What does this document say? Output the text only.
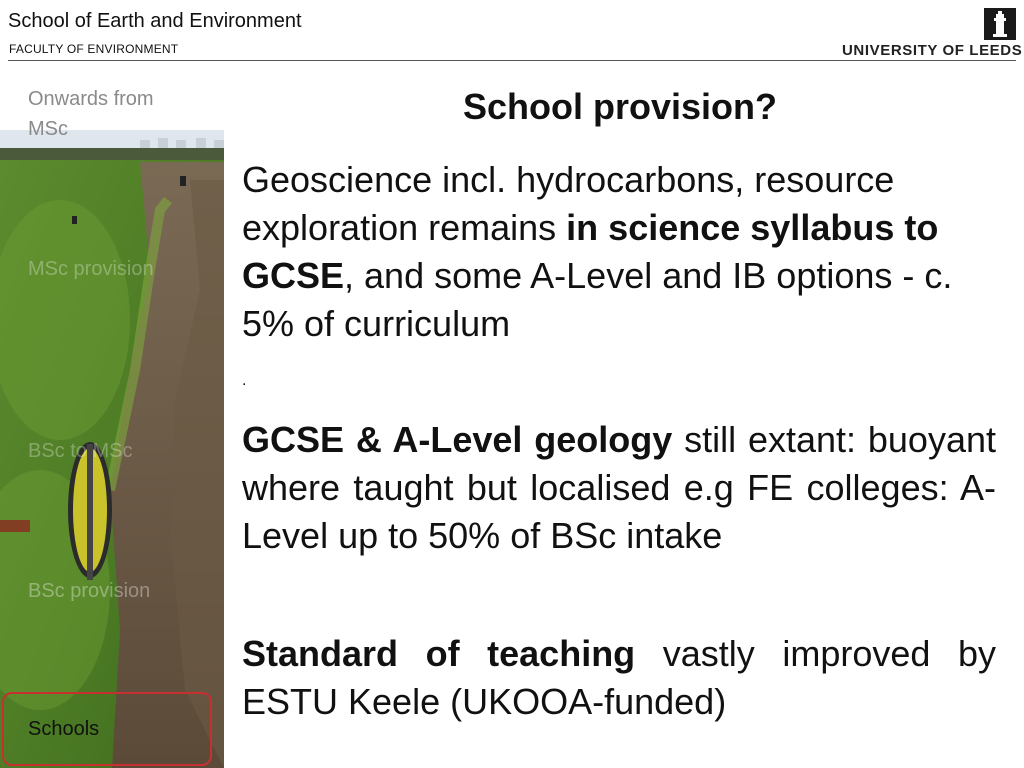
School of Earth and Environment
FACULTY OF ENVIRONMENT	UNIVERSITY OF LEEDS
Onwards from MSc
MSc provision
BSc to MSc
BSc provision
Schools
School provision?
Geoscience incl. hydrocarbons, resource exploration remains in science syllabus to GCSE, and some A-Level and IB options - c. 5% of curriculum
.
GCSE & A-Level geology still extant: buoyant where taught but localised e.g FE colleges: A-Level up to 50% of BSc intake
Standard of teaching vastly improved by ESTU Keele (UKOOA-funded)
